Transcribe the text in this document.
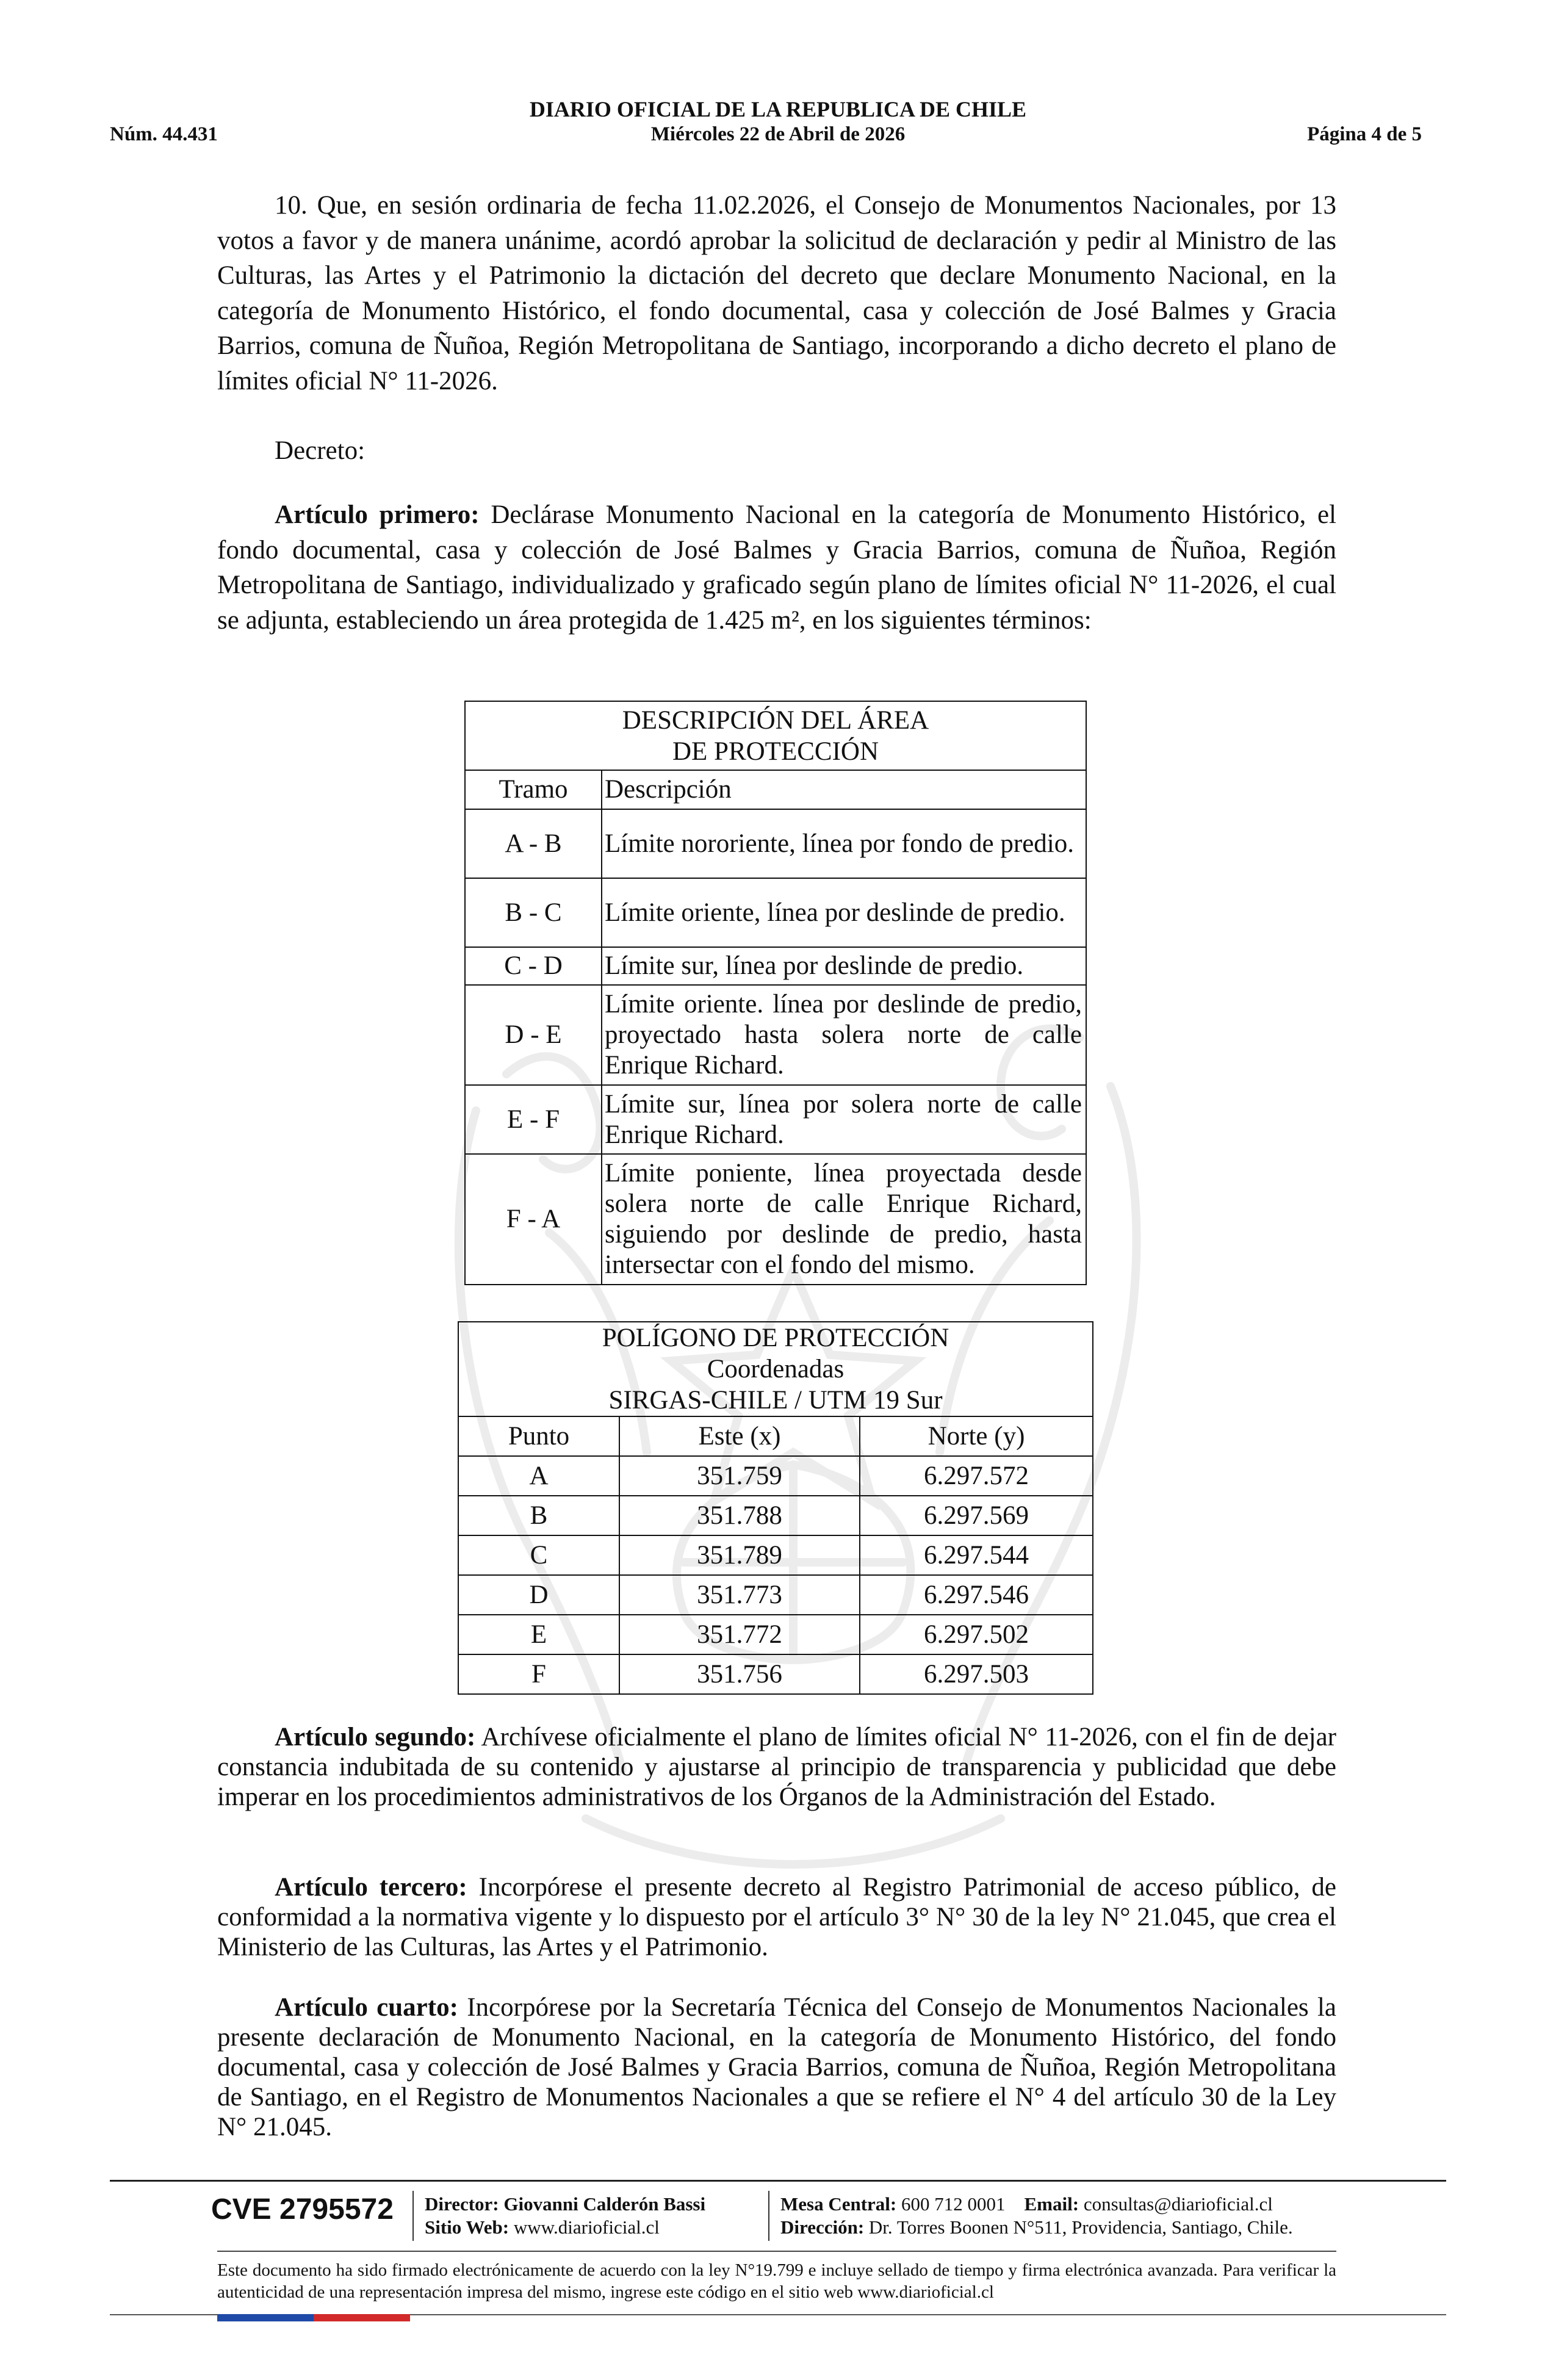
DIARIO OFICIAL DE LA REPUBLICA DE CHILE
Núm. 44.431	Miércoles 22 de Abril de 2026	Página 4 de 5

10. Que, en sesión ordinaria de fecha 11.02.2026, el Consejo de Monumentos Nacionales, por 13 votos a favor y de manera unánime, acordó aprobar la solicitud de declaración y pedir al Ministro de las Culturas, las Artes y el Patrimonio la dictación del decreto que declare Monumento Nacional, en la categoría de Monumento Histórico, el fondo documental, casa y colección de José Balmes y Gracia Barrios, comuna de Ñuñoa, Región Metropolitana de Santiago, incorporando a dicho decreto el plano de límites oficial N° 11-2026.

Decreto:

Artículo primero: Declárase Monumento Nacional en la categoría de Monumento Histórico, el fondo documental, casa y colección de José Balmes y Gracia Barrios, comuna de Ñuñoa, Región Metropolitana de Santiago, individualizado y graficado según plano de límites oficial N° 11-2026, el cual se adjunta, estableciendo un área protegida de 1.425 m², en los siguientes términos:

DESCRIPCIÓN DEL ÁREA
DE PROTECCIÓN	

Tramo	Descripción
A - B	Límite nororiente, línea por fondo de predio.
B - C	Límite oriente, línea por deslinde de predio.
C - D	Límite sur, línea por deslinde de predio.
D - E	Límite oriente. línea por deslinde de predio, proyectado hasta solera norte de calle Enrique Richard.
E - F	Límite sur, línea por solera norte de calle Enrique Richard.
F - A	Límite poniente, línea proyectada desde solera norte de calle Enrique Richard, siguiendo por deslinde de predio, hasta intersectar con el fondo del mismo.
POLÍGONO DE PROTECCIÓN
Coordenadas
SIRGAS-CHILE / UTM 19 Sur		

Punto	Este (x)	Norte (y)
A	351.759	6.297.572
B	351.788	6.297.569
C	351.789	6.297.544
D	351.773	6.297.546
E	351.772	6.297.502
F	351.756	6.297.503

Artículo segundo: Archívese oficialmente el plano de límites oficial N° 11-2026, con el fin de dejar constancia indubitada de su contenido y ajustarse al principio de transparencia y publicidad que debe imperar en los procedimientos administrativos de los Órganos de la Administración del Estado.

Artículo tercero: Incorpórese el presente decreto al Registro Patrimonial de acceso público, de conformidad a la normativa vigente y lo dispuesto por el artículo 3° N° 30 de la ley N° 21.045, que crea el Ministerio de las Culturas, las Artes y el Patrimonio.

Artículo cuarto: Incorpórese por la Secretaría Técnica del Consejo de Monumentos Nacionales la presente declaración de Monumento Nacional, en la categoría de Monumento Histórico, del fondo documental, casa y colección de José Balmes y Gracia Barrios, comuna de Ñuñoa, Región Metropolitana de Santiago, en el Registro de Monumentos Nacionales a que se refiere el N° 4 del artículo 30 de la Ley N° 21.045.

CVE 2795572 Director: Giovanni Calderón Bassi
Sitio Web: www.diarioficial.cl
Mesa Central: 600 712 0001 Email: consultas@diarioficial.cl
Dirección: Dr. Torres Boonen N°511, Providencia, Santiago, Chile.
Este documento ha sido firmado electrónicamente de acuerdo con la ley N°19.799 e incluye sellado de tiempo y firma electrónica avanzada. Para verificar la autenticidad de una representación impresa del mismo, ingrese este código en el sitio web www.diarioficial.cl
